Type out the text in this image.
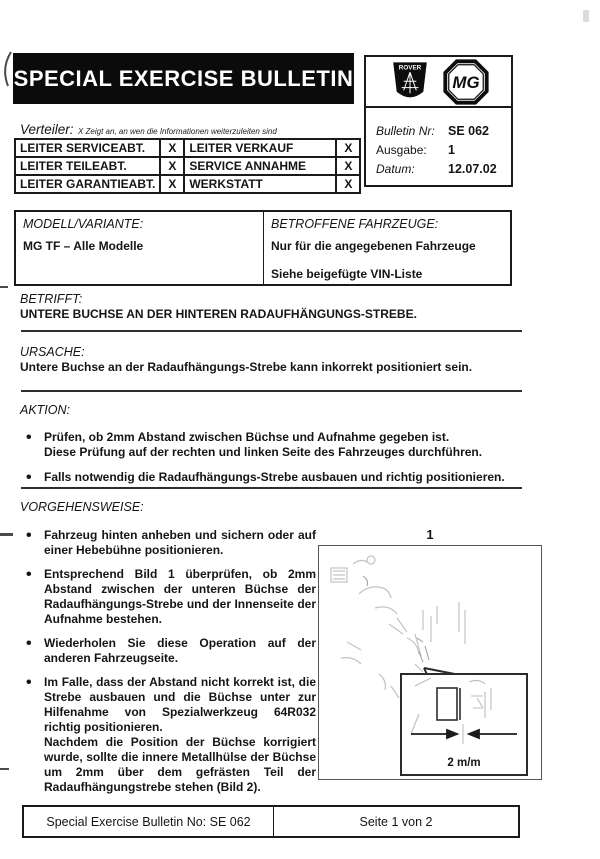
SPECIAL EXERCISE BULLETIN	ROVER
MG
Bulletin Nr:	SE 062
Ausgabe:	1
Datum:	12.07.02
Verteiler: X Zeigt an, an wen die Informationen weiterzuleiten sind
LEITER SERVICEABT.	X	LEITER VERKAUF	X
LEITER TEILEABT.	X	SERVICE ANNAHME	X
LEITER GARANTIEABT.	X	WERKSTATT	X
MODELL/VARIANTE:
MG TF – Alle Modelle
BETROFFENE FAHRZEUGE:
Nur für die angegebenen Fahrzeuge
Siehe beigefügte VIN-Liste
BETRIFFT:
UNTERE BUCHSE AN DER HINTEREN RADAUFHÄNGUNGS-STREBE.
URSACHE:
Untere Buchse an der Radaufhängungs-Strebe kann inkorrekt positioniert sein.
AKTION:
• Prüfen, ob 2mm Abstand zwischen Büchse und Aufnahme gegeben ist.
Diese Prüfung auf der rechten und linken Seite des Fahrzeuges durchführen.
• Falls notwendig die Radaufhängungs-Strebe ausbauen und richtig positionieren.
VORGEHENSWEISE:
• Fahrzeug hinten anheben und sichern oder auf einer Hebebühne positionieren.
• Entsprechend Bild 1 überprüfen, ob 2mm Abstand zwischen der unteren Büchse der Radaufhängungs-Strebe und der Innenseite der Aufnahme bestehen.
• Wiederholen Sie diese Operation auf der anderen Fahrzeugseite.
• Im Falle, dass der Abstand nicht korrekt ist, die Strebe ausbauen und die Büchse unter zur Hilfenahme von Spezialwerkzeug 64R032 richtig positionieren.
Nachdem die Position der Büchse korrigiert wurde, sollte die innere Metallhülse der Büchse um 2mm über dem gefrästen Teil der Radaufhängungstrebe stehen (Bild 2).
1
2 m/m
Special Exercise Bulletin No: SE 062	Seite 1 von 2
